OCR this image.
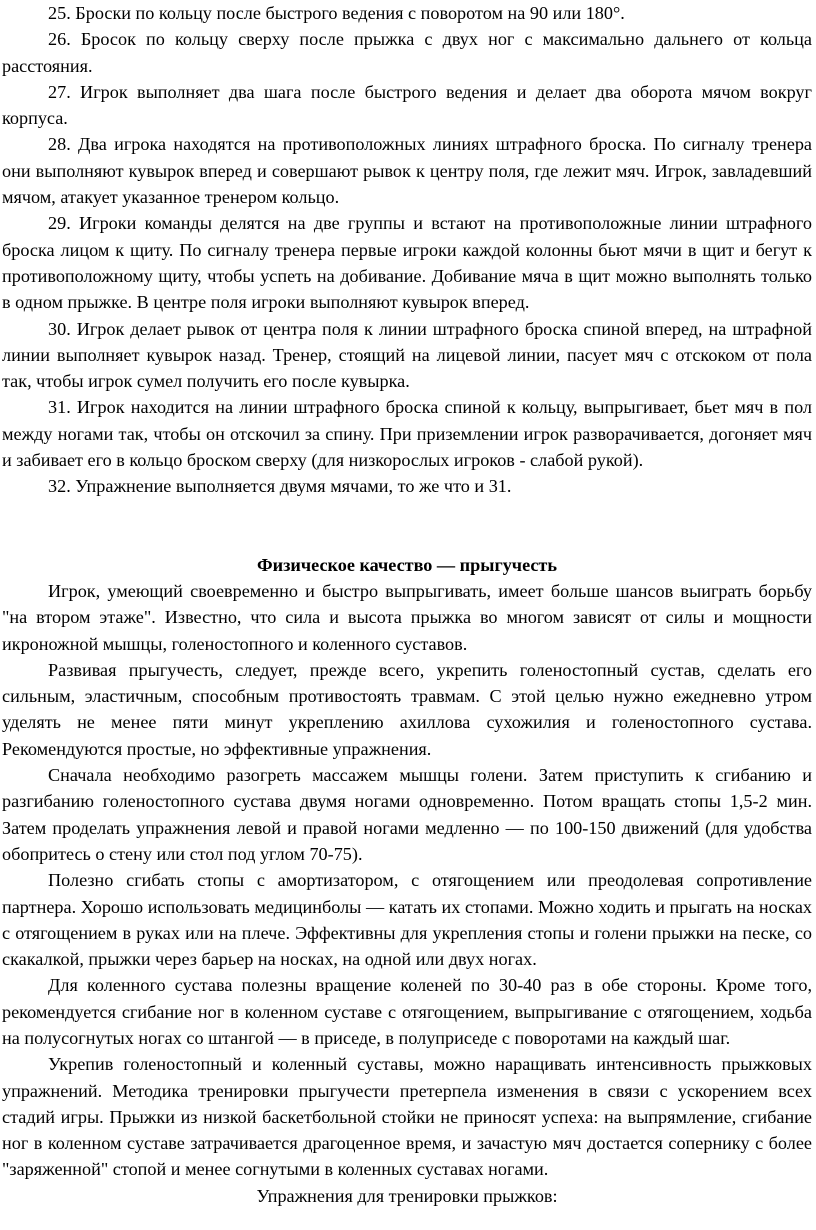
25. Броски по кольцу после быстрого ведения с поворотом на 90 или 180°.

26. Бросок по кольцу сверху после прыжка с двух ног с максимально дальнего от кольца расстояния.

27. Игрок выполняет два шага после быстрого ведения и делает два оборота мячом вокруг корпуса.

28. Два игрока находятся на противоположных линиях штрафного броска. По сигналу тренера они выполняют кувырок вперед и совершают рывок к центру поля, где лежит мяч. Игрок, завладевший мячом, атакует указанное тренером кольцо.

29. Игроки команды делятся на две группы и встают на противоположные линии штрафного броска лицом к щиту. По сигналу тренера первые игроки каждой колонны бьют мячи в щит и бегут к противоположному щиту, чтобы успеть на добивание. Добивание мяча в щит можно выполнять только в одном прыжке. В центре поля игроки выполняют кувырок вперед.

30. Игрок делает рывок от центра поля к линии штрафного броска спиной вперед, на штрафной линии выполняет кувырок назад. Тренер, стоящий на лицевой линии, пасует мяч с отскоком от пола так, чтобы игрок сумел получить его после кувырка.

31. Игрок находится на линии штрафного броска спиной к кольцу, выпрыгивает, бьет мяч в пол между ногами так, чтобы он отскочил за спину. При приземлении игрок разворачивается, догоняет мяч и забивает его в кольцо броском сверху (для низкорослых игроков - слабой рукой).

32. Упражнение выполняется двумя мячами, то же что и 31.

Физическое качество — прыгучесть

Игрок, умеющий своевременно и быстро выпрыгивать, имеет больше шансов выиграть борьбу "на втором этаже". Известно, что сила и высота прыжка во многом зависят от силы и мощности икроножной мышцы, голеностопного и коленного суставов.

Развивая прыгучесть, следует, прежде всего, укрепить голеностопный сустав, сделать его сильным, эластичным, способным противостоять травмам. С этой целью нужно ежедневно утром уделять не менее пяти минут укреплению ахиллова сухожилия и голеностопного сустава. Рекомендуются простые, но эффективные упражнения.

Сначала необходимо разогреть массажем мышцы голени. Затем приступить к сгибанию и разгибанию голеностопного сустава двумя ногами одновременно. Потом вращать стопы 1,5-2 мин. Затем проделать упражнения левой и правой ногами медленно — по 100-150 движений (для удобства обопритесь о стену или стол под углом 70-75).

Полезно сгибать стопы с амортизатором, с отягощением или преодолевая сопротивление партнера. Хорошо использовать медицинболы — катать их стопами. Можно ходить и прыгать на носках с отягощением в руках или на плече. Эффективны для укрепления стопы и голени прыжки на песке, со скакалкой, прыжки через барьер на носках, на одной или двух ногах.

Для коленного сустава полезны вращение коленей по 30-40 раз в обе стороны. Кроме того, рекомендуется сгибание ног в коленном суставе с отягощением, выпрыгивание с отягощением, ходьба на полусогнутых ногах со штангой — в приседе, в полуприседе с поворотами на каждый шаг.

Укрепив голеностопный и коленный суставы, можно наращивать интенсивность прыжковых упражнений. Методика тренировки прыгучести претерпела изменения в связи с ускорением всех стадий игры. Прыжки из низкой баскетбольной стойки не приносят успеха: на выпрямление, сгибание ног в коленном суставе затрачивается драгоценное время, и зачастую мяч достается сопернику с более "заряженной" стопой и менее согнутыми в коленных суставах ногами.

Упражнения для тренировки прыжков:
